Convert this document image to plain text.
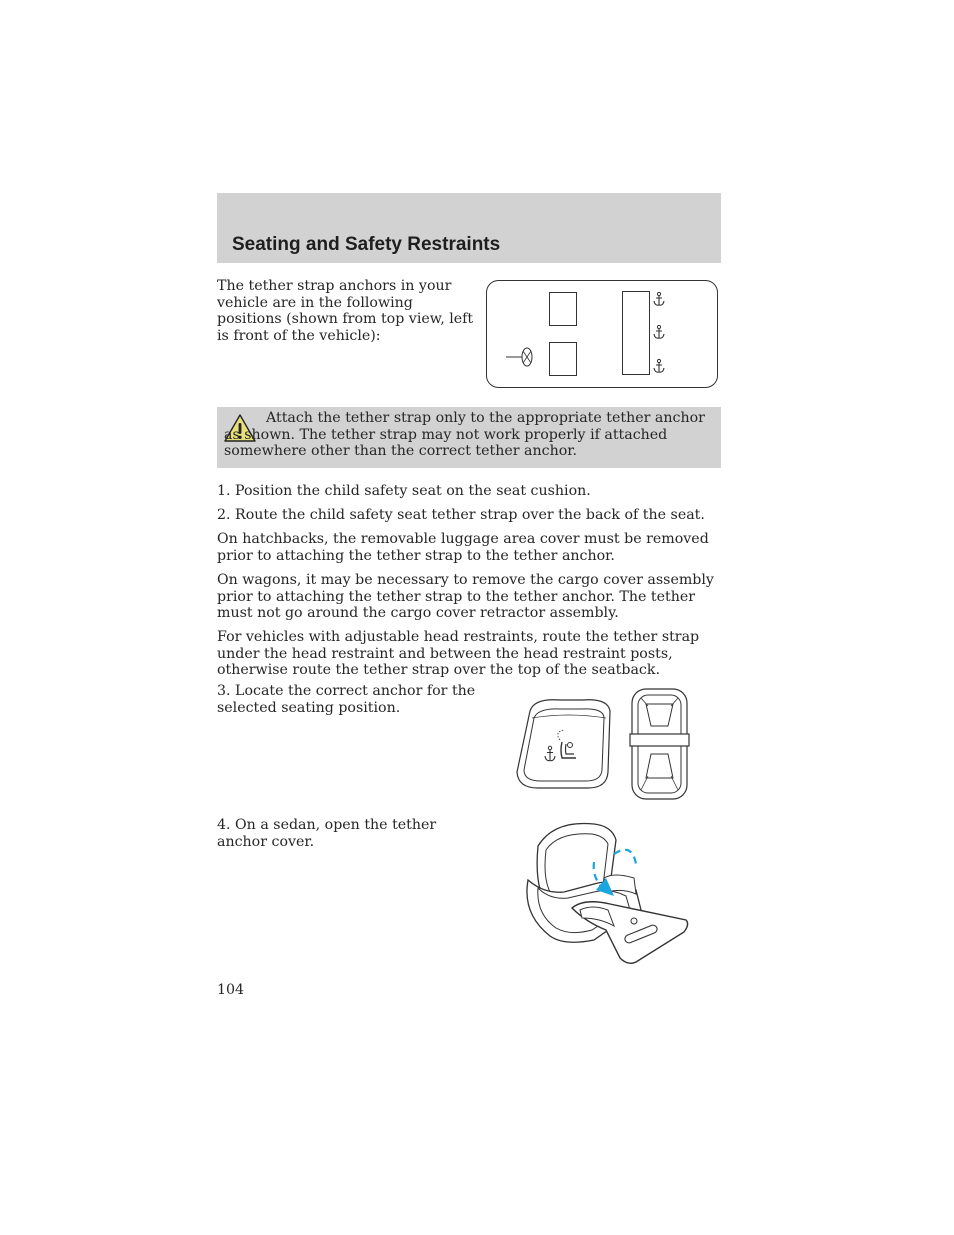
Seating and Safety Restraints
The tether strap anchors in your vehicle are in the following positions (shown from top view, left is front of the vehicle):
Attach the tether strap only to the appropriate tether anchor as shown. The tether strap may not work properly if attached somewhere other than the correct tether anchor.
1. Position the child safety seat on the seat cushion.
2. Route the child safety seat tether strap over the back of the seat.
On hatchbacks, the removable luggage area cover must be removed prior to attaching the tether strap to the tether anchor.
On wagons, it may be necessary to remove the cargo cover assembly prior to attaching the tether strap to the tether anchor. The tether must not go around the cargo cover retractor assembly.
For vehicles with adjustable head restraints, route the tether strap under the head restraint and between the head restraint posts, otherwise route the tether strap over the top of the seatback.
3. Locate the correct anchor for the selected seating position.
4. On a sedan, open the tether anchor cover.
104
